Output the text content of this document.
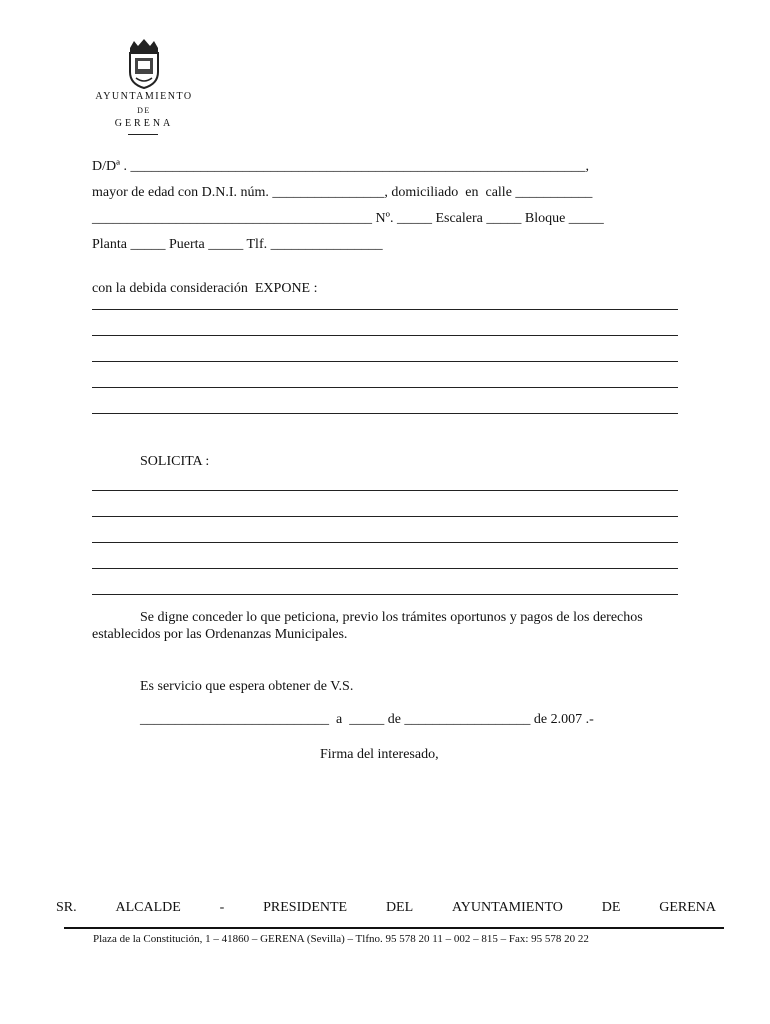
AYUNTAMIENTO
DE
GERENA
D/Dª . _________________________________________________________________,
mayor de edad con D.N.I. núm. ________________, domiciliado  en  calle ___________
________________________________________ Nº. _____ Escalera _____ Bloque _____
Planta _____ Puerta _____ Tlf. ________________
con la debida consideración  EXPONE :
SOLICITA :
Se digne conceder lo que peticiona, previo los trámites oportunos y pagos de los derechos
establecidos por las Ordenanzas Municipales.
Es servicio que espera obtener de V.S.
___________________________  a  _____ de __________________ de 2.007 .-
Firma del interesado,
SR.	ALCALDE	-	PRESIDENTE	DEL	AYUNTAMIENTO	DE	GERENA
Plaza de la Constitución, 1 – 41860 – GERENA (Sevilla) – Tlfno. 95 578 20 11 – 002 – 815 – Fax: 95 578 20 22
